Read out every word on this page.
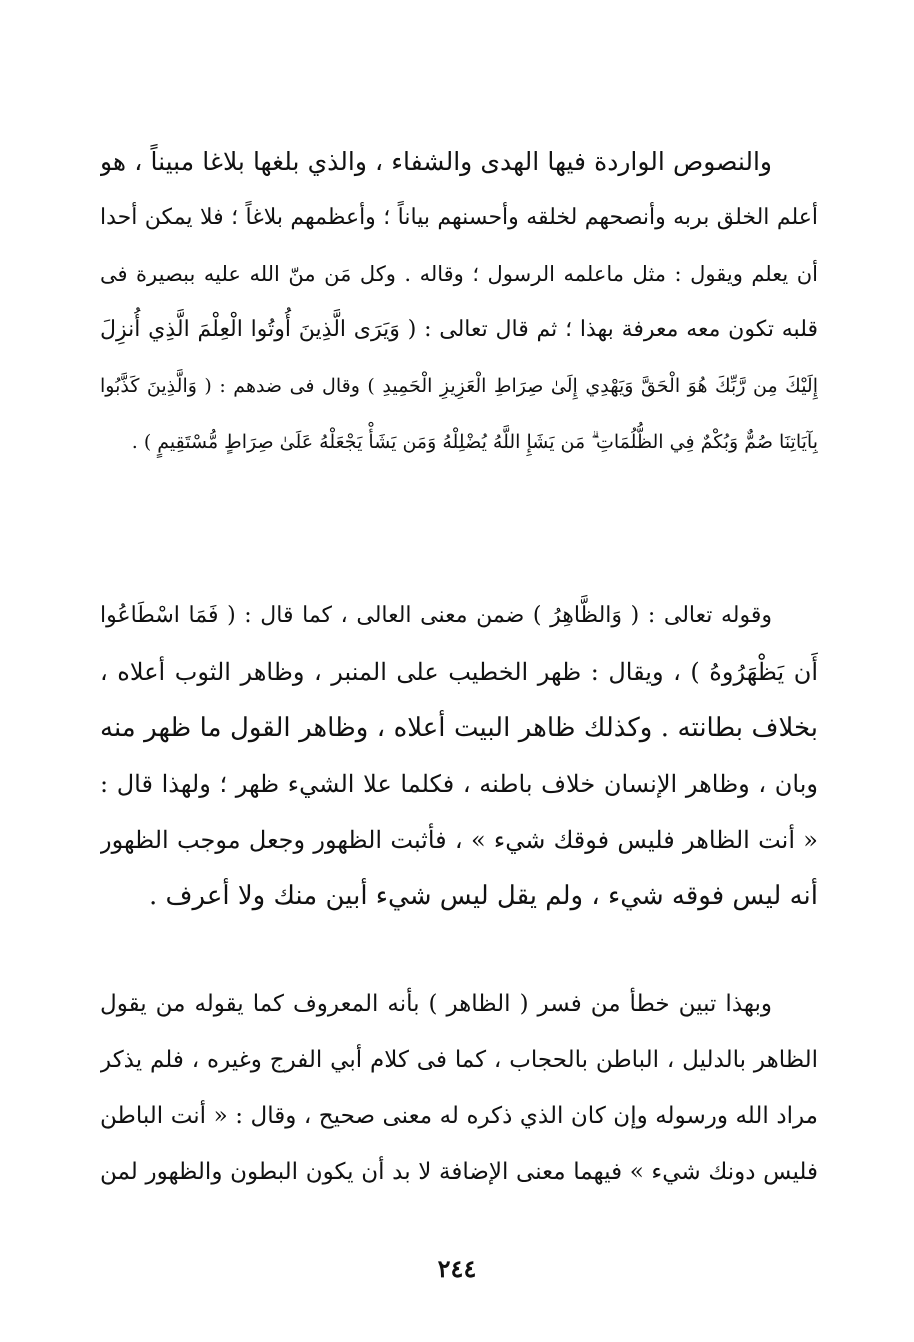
والنصوص الواردة فيها الهدى والشفاء ، والذي بلغها بلاغا مبيناً ، هو
أعلم الخلق بربه وأنصحهم لخلقه وأحسنهم بياناً ؛ وأعظمهم بلاغاً ؛ فلا يمكن أحدا
أن يعلم ويقول : مثل ماعلمه الرسول ؛ وقاله . وكل مَن منّ الله عليه ببصيرة فى
قلبه تكون معه معرفة بهذا ؛ ثم قال تعالى : ( وَيَرَى الَّذِينَ أُوتُوا الْعِلْمَ الَّذِي أُنزِلَ
إِلَيْكَ مِن رَّبِّكَ هُوَ الْحَقَّ وَيَهْدِي إِلَىٰ صِرَاطِ الْعَزِيزِ الْحَمِيدِ ) وقال فى ضدهم : ( وَالَّذِينَ كَذَّبُوا
بِآيَاتِنَا صُمٌّ وَبُكْمٌ فِي الظُّلُمَاتِ ۗ مَن يَشَإِ اللَّهُ يُضْلِلْهُ وَمَن يَشَأْ يَجْعَلْهُ عَلَىٰ صِرَاطٍ مُّسْتَقِيمٍ ) .
وقوله تعالى : ( وَالظَّاهِرُ ) ضمن معنى العالى ، كما قال : ( فَمَا اسْطَاعُوا
أَن يَظْهَرُوهُ ) ، ويقال : ظهر الخطيب على المنبر ، وظاهر الثوب أعلاه ،
بخلاف بطانته . وكذلك ظاهر البيت أعلاه ، وظاهر القول ما ظهر منه
وبان ، وظاهر الإنسان خلاف باطنه ، فكلما علا الشيء ظهر ؛ ولهذا قال :
« أنت الظاهر فليس فوقك شيء » ، فأثبت الظهور وجعل موجب الظهور
أنه ليس فوقه شيء ، ولم يقل ليس شيء أبين منك ولا أعرف .
وبهذا تبين خطأ من فسر ( الظاهر ) بأنه المعروف كما يقوله من يقول
الظاهر بالدليل ، الباطن بالحجاب ، كما فى كلام أبي الفرج وغيره ، فلم يذكر
مراد الله ورسوله وإن كان الذي ذكره له معنى صحيح ، وقال : « أنت الباطن
فليس دونك شيء » فيهما معنى الإضافة لا بد أن يكون البطون والظهور لمن
٢٤٤
